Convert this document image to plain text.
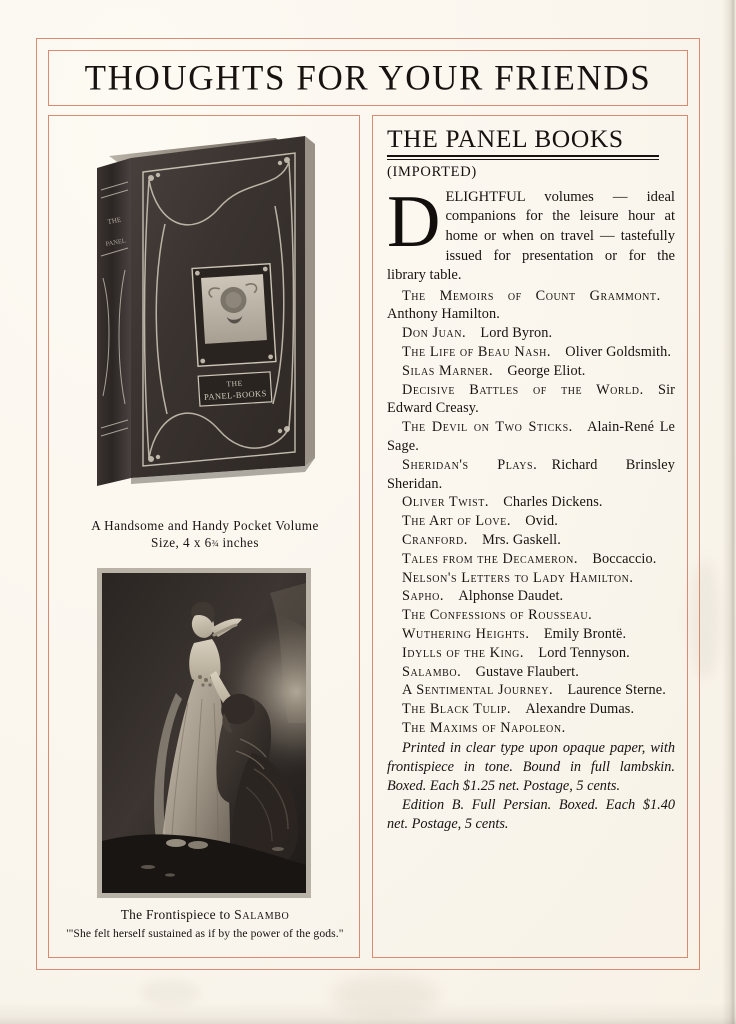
THOUGHTS FOR YOUR FRIENDS
THE
PANEL
THE
PANEL-BOOKS
A Handsome and Handy Pocket Volume
Size, 4 x 6¾ inches
The Frontispiece to Salambo
'"She felt herself sustained as if by the power of the gods."
THE PANEL BOOKS
(IMPORTED)
DELIGHTFUL volumes — ideal companions for the leisure hour at home or when on travel — tastefully issued for presentation or for the library table.

The Memoirs of Count Grammont.  Anthony Hamilton.

Don Juan.   Lord Byron.

The Life of Beau Nash.   Oliver Goldsmith.

Silas Marner.   George Eliot.

Decisive Battles of the World.   Sir Edward Creasy.

The Devil on Two Sticks.   Alain-René Le Sage.

Sheridan's Plays.   Richard Brinsley Sheridan.

Oliver Twist.   Charles Dickens.

The Art of Love.   Ovid.

Cranford.   Mrs. Gaskell.

Tales from the Decameron.   Boccaccio.

Nelson's Letters to Lady Hamilton.

Sapho.   Alphonse Daudet.

The Confessions of Rousseau.

Wuthering Heights.   Emily Brontë.

Idylls of the King.   Lord Tennyson.

Salambo.   Gustave Flaubert.

A Sentimental Journey.   Laurence Sterne.

The Black Tulip.   Alexandre Dumas.

The Maxims of Napoleon.

Printed in clear type upon opaque paper, with frontispiece in tone. Bound in full lambskin. Boxed. Each $1.25 net. Postage, 5 cents.

Edition B. Full Persian. Boxed. Each $1.40 net. Postage, 5 cents.
